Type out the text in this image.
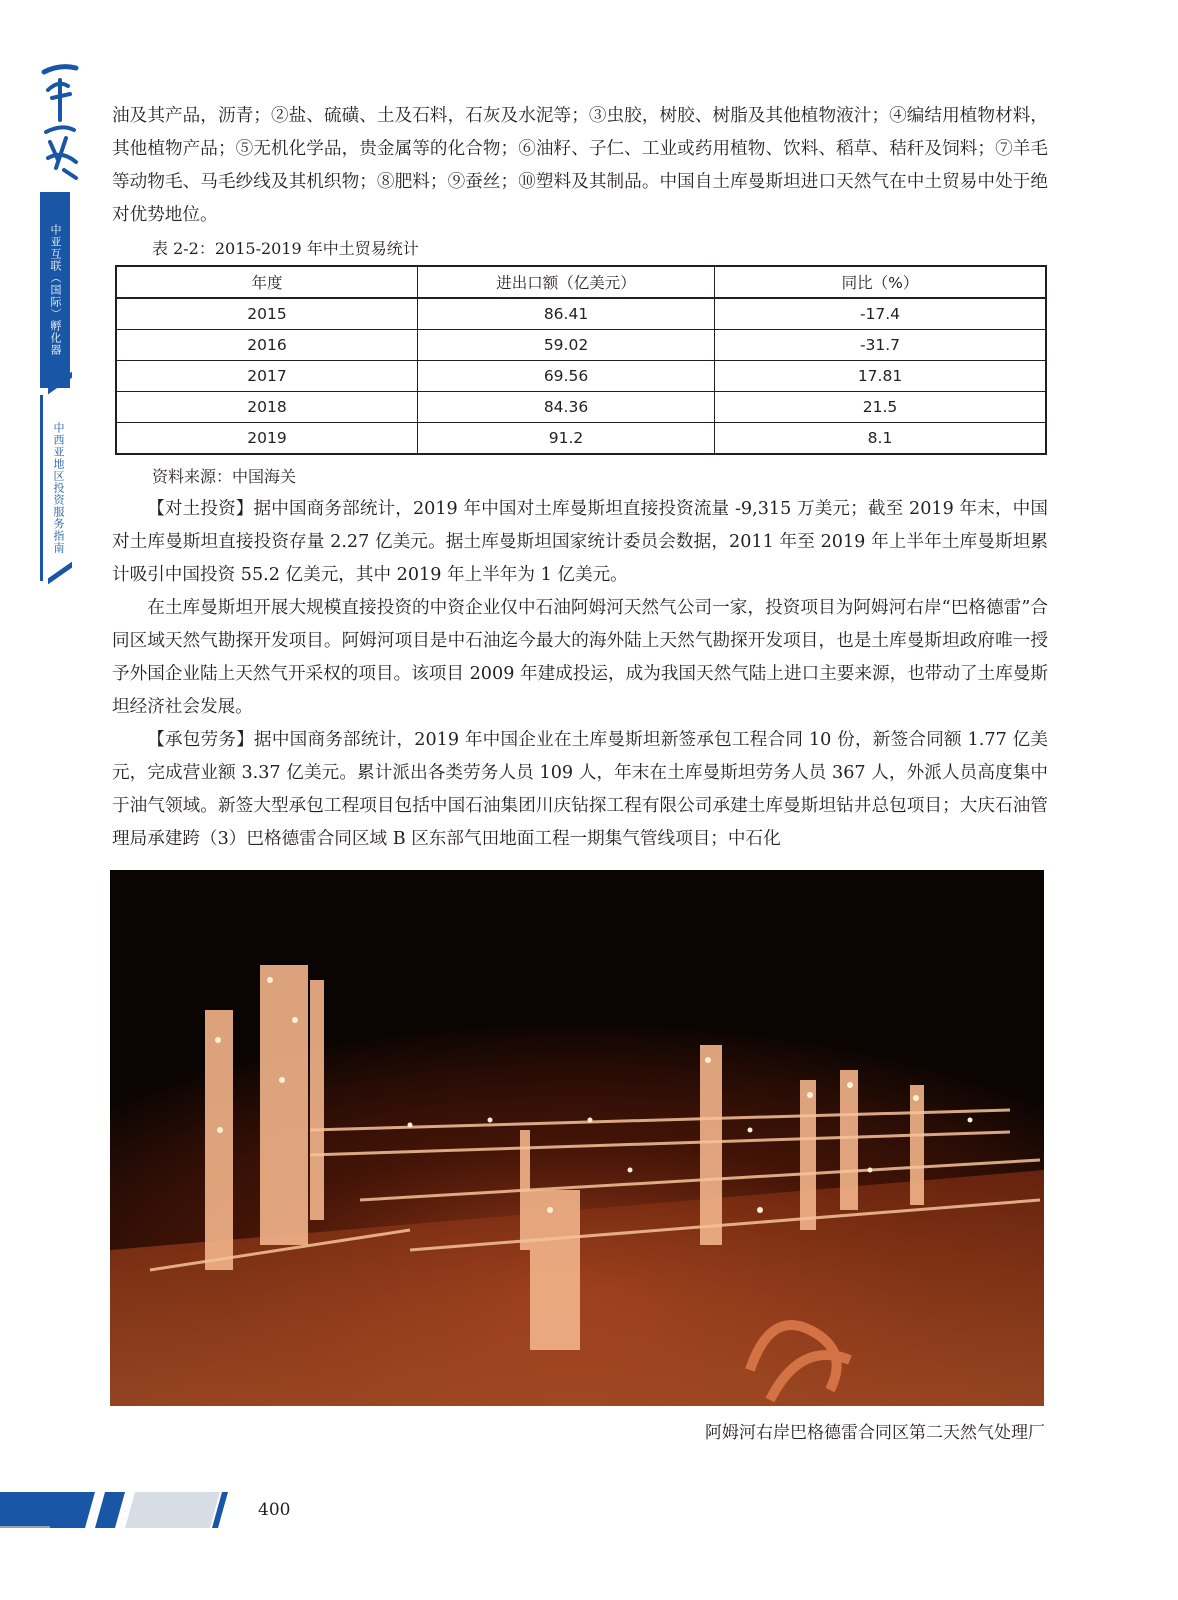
中亚互联（国际）孵化器
中西亚地区投资服务指南

油及其产品，沥青；②盐、硫磺、土及石料，石灰及水泥等；③虫胶，树胶、树脂及其他植物液汁；④编结用植物材料，其他植物产品；⑤无机化学品，贵金属等的化合物；⑥油籽、子仁、工业或药用植物、饮料、稻草、秸秆及饲料；⑦羊毛等动物毛、马毛纱线及其机织物；⑧肥料；⑨蚕丝；⑩塑料及其制品。中国自土库曼斯坦进口天然气在中土贸易中处于绝对优势地位。

表 2-2：2015-2019 年中土贸易统计
年度	进出口额（亿美元）	同比（%）
2015	86.41	-17.4
2016	59.02	-31.7
2017	69.56	17.81
2018	84.36	21.5
2019	91.2	8.1
资料来源：中国海关

【对土投资】据中国商务部统计，2019 年中国对土库曼斯坦直接投资流量 -9,315 万美元；截至 2019 年末，中国对土库曼斯坦直接投资存量 2.27 亿美元。据土库曼斯坦国家统计委员会数据，2011 年至 2019 年上半年土库曼斯坦累计吸引中国投资 55.2 亿美元，其中 2019 年上半年为 1 亿美元。

在土库曼斯坦开展大规模直接投资的中资企业仅中石油阿姆河天然气公司一家，投资项目为阿姆河右岸“巴格德雷”合同区域天然气勘探开发项目。阿姆河项目是中石油迄今最大的海外陆上天然气勘探开发项目，也是土库曼斯坦政府唯一授予外国企业陆上天然气开采权的项目。该项目 2009 年建成投运，成为我国天然气陆上进口主要来源，也带动了土库曼斯坦经济社会发展。

【承包劳务】据中国商务部统计，2019 年中国企业在土库曼斯坦新签承包工程合同 10 份，新签合同额 1.77 亿美元，完成营业额 3.37 亿美元。累计派出各类劳务人员 109 人，年末在土库曼斯坦劳务人员 367 人，外派人员高度集中于油气领域。新签大型承包工程项目包括中国石油集团川庆钻探工程有限公司承建土库曼斯坦钻井总包项目；大庆石油管理局承建跨（3）巴格德雷合同区域 B 区东部气田地面工程一期集气管线项目；中石化

阿姆河右岸巴格德雷合同区第二天然气处理厂
400
